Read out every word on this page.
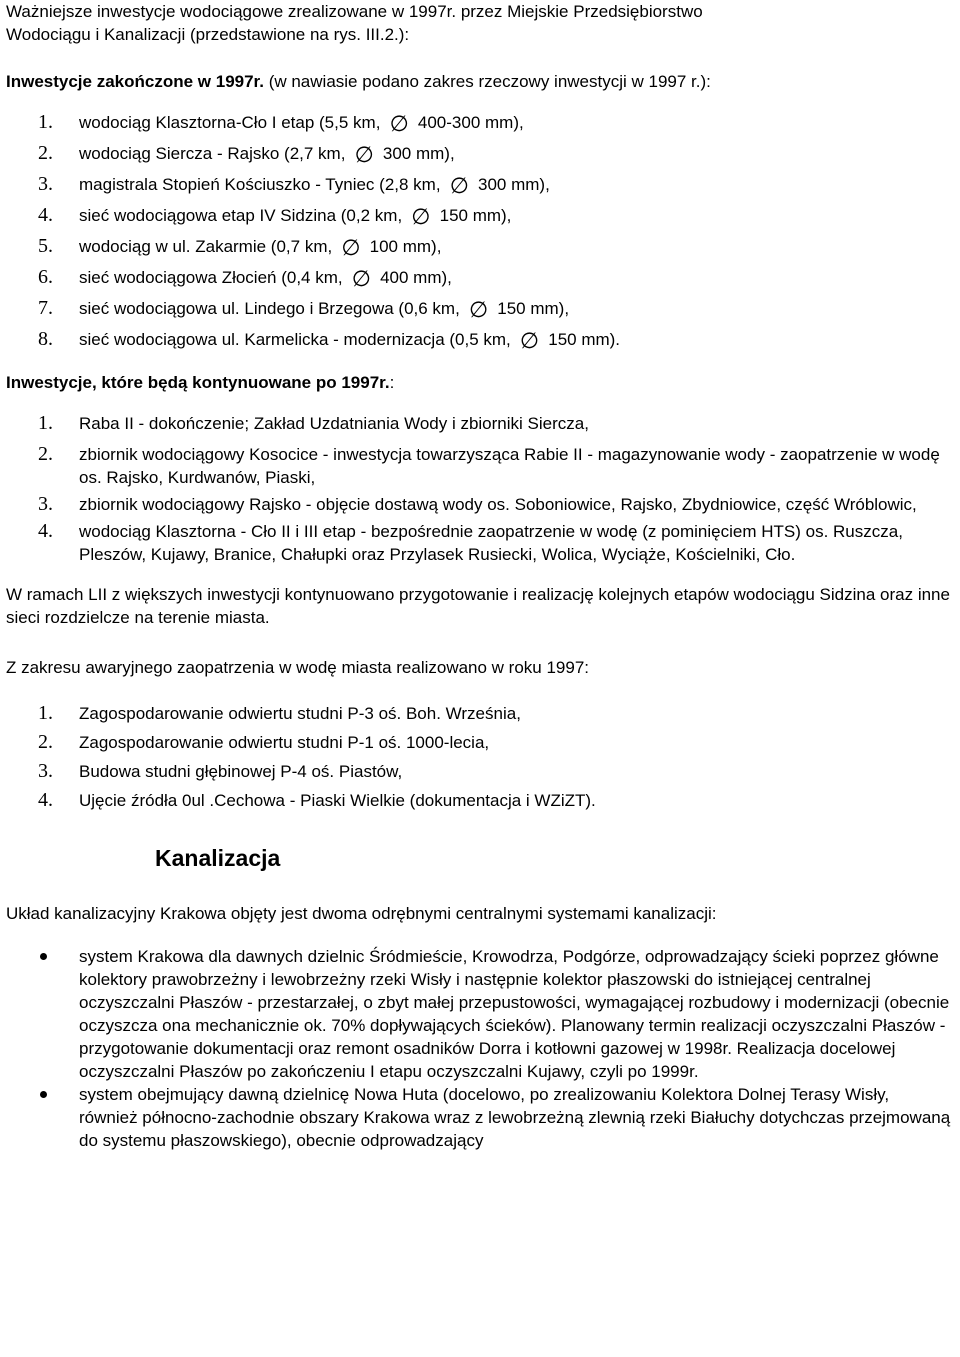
Ważniejsze inwestycje wodociągowe zrealizowane w 1997r. przez Miejskie Przedsiębiorstwo
Wodociągu i Kanalizacji (przedstawione na rys. III.2.):

Inwestycje zakończone w 1997r. (w nawiasie podano zakres rzeczowy inwestycji w 1997 r.):

1. wodociąg Klasztorna-Cło I etap (5,5 km, ∅ 400-300 mm),
2. wodociąg Siercza - Rajsko (2,7 km, ∅ 300 mm),
3. magistrala Stopień Kościuszko - Tyniec (2,8 km, ∅ 300 mm),
4. sieć wodociągowa etap IV Sidzina (0,2 km, ∅ 150 mm),
5. wodociąg w ul. Zakarmie (0,7 km, ∅ 100 mm),
6. sieć wodociągowa Złocień (0,4 km, ∅ 400 mm),
7. sieć wodociągowa ul. Lindego i Brzegowa (0,6 km, ∅ 150 mm),
8. sieć wodociągowa ul. Karmelicka - modernizacja (0,5 km, ∅ 150 mm).

Inwestycje, które będą kontynuowane po 1997r.:

1. Raba II - dokończenie; Zakład Uzdatniania Wody i zbiorniki Siercza,
2. zbiornik wodociągowy Kosocice - inwestycja towarzysząca Rabie II - magazynowanie wody - zaopatrzenie w wodę os. Rajsko, Kurdwanów, Piaski,
3. zbiornik wodociągowy Rajsko - objęcie dostawą wody os. Soboniowice, Rajsko, Zbydniowice, część Wróblowic,
4. wodociąg Klasztorna - Cło II i III etap - bezpośrednie zaopatrzenie w wodę (z pominięciem HTS) os. Ruszcza, Pleszów, Kujawy, Branice, Chałupki oraz Przylasek Rusiecki, Wolica, Wyciąże, Kościelniki, Cło.

W ramach LII z większych inwestycji kontynuowano przygotowanie i realizację kolejnych etapów wodociągu Sidzina oraz inne sieci rozdzielcze na terenie miasta.

Z zakresu awaryjnego zaopatrzenia w wodę miasta realizowano w roku 1997:

1. Zagospodarowanie odwiertu studni P-3 oś. Boh. Września,
2. Zagospodarowanie odwiertu studni P-1 oś. 1000-lecia,
3. Budowa studni głębinowej P-4 oś. Piastów,
4. Ujęcie źródła 0ul .Cechowa - Piaski Wielkie (dokumentacja i WZiZT).
Kanalizacja

Układ kanalizacyjny Krakowa objęty jest dwoma odrębnymi centralnymi systemami kanalizacji:

system Krakowa dla dawnych dzielnic Śródmieście, Krowodrza, Podgórze, odprowadzający ścieki poprzez główne kolektory prawobrzeżny i lewobrzeżny rzeki Wisły i następnie kolektor płaszowski do istniejącej centralnej oczyszczalni Płaszów - przestarzałej, o zbyt małej przepustowości, wymagającej rozbudowy i modernizacji (obecnie oczyszcza ona mechanicznie ok. 70% dopływających ścieków). Planowany termin realizacji oczyszczalni Płaszów - przygotowanie dokumentacji oraz remont osadników Dorra i kotłowni gazowej w 1998r. Realizacja docelowej oczyszczalni Płaszów po zakończeniu I etapu oczyszczalni Kujawy, czyli po 1999r.
system obejmujący dawną dzielnicę Nowa Huta (docelowo, po zrealizowaniu Kolektora Dolnej Terasy Wisły, również północno-zachodnie obszary Krakowa wraz z lewobrzeżną zlewnią rzeki Białuchy dotychczas przejmowaną do systemu płaszowskiego), obecnie odprowadzający
